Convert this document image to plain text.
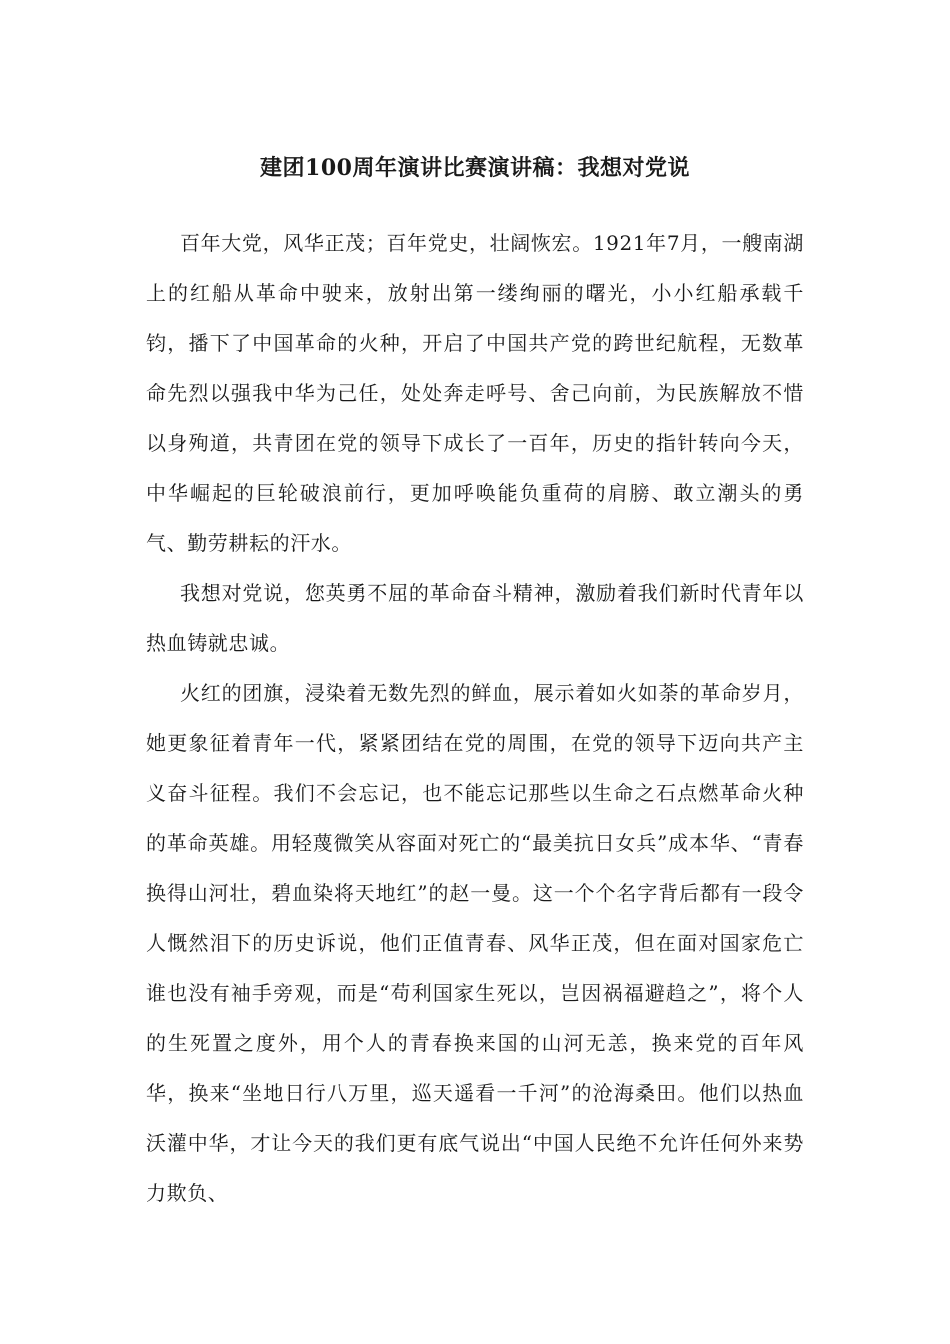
建团100周年演讲比赛演讲稿：我想对党说

百年大党，风华正茂；百年党史，壮阔恢宏。1921年7月，一艘南湖上的红船从革命中驶来，放射出第一缕绚丽的曙光，小小红船承载千钧，播下了中国革命的火种，开启了中国共产党的跨世纪航程，无数革命先烈以强我中华为己任，处处奔走呼号、舍己向前，为民族解放不惜以身殉道，共青团在党的领导下成长了一百年，历史的指针转向今天，中华崛起的巨轮破浪前行，更加呼唤能负重荷的肩膀、敢立潮头的勇气、勤劳耕耘的汗水。

我想对党说，您英勇不屈的革命奋斗精神，激励着我们新时代青年以热血铸就忠诚。

火红的团旗，浸染着无数先烈的鲜血，展示着如火如荼的革命岁月，她更象征着青年一代，紧紧团结在党的周围，在党的领导下迈向共产主义奋斗征程。我们不会忘记，也不能忘记那些以生命之石点燃革命火种的革命英雄。用轻蔑微笑从容面对死亡的“最美抗日女兵”成本华、“青春换得山河壮，碧血染将天地红”的赵一曼。这一个个名字背后都有一段令人慨然泪下的历史诉说，他们正值青春、风华正茂，但在面对国家危亡谁也没有袖手旁观，而是“苟利国家生死以，岂因祸福避趋之”，将个人的生死置之度外，用个人的青春换来国的山河无恙，换来党的百年风华，换来“坐地日行八万里，巡天遥看一千河”的沧海桑田。他们以热血沃灌中华，才让今天的我们更有底气说出“中国人民绝不允许任何外来势力欺负、
